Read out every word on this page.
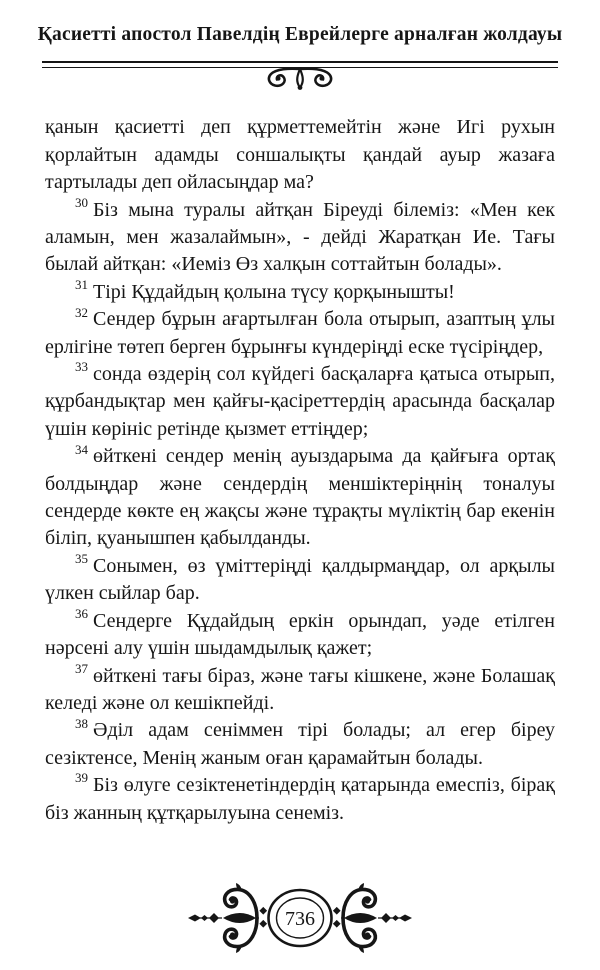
Қасиетті апостол Павелдің Еврейлерге арналған жолдауы

қанын қасиетті деп құрметтемейтін және Игі рухын қорлайтын адамды соншалықты қандай ауыр жазаға тартылады деп ойласыңдар ма?

$^{30}$ Біз мына туралы айтқан Біреуді білеміз: «Мен кек аламын, мен жазалаймын», - дейді Жаратқан Ие. Тағы былай айтқан: «Иеміз Өз халқын соттайтын болады».

$^{31}$ Тірі Құдайдың қолына түсу қорқынышты!

$^{32}$ Сендер бұрын ағартылған бола отырып, азаптың ұлы ерлігіне төтеп берген бұрынғы күндеріңді еске түсіріңдер,

$^{33}$ сонда өздерің сол күйдегі басқаларға қатыса отырып, құрбандықтар мен қайғы-қасіреттердің арасында басқалар үшін көрініс ретінде қызмет еттіңдер;

$^{34}$ өйткені сендер менің ауыздарыма да қайғыға ортақ болдыңдар және сендердің меншіктеріңнің тоналуы сендерде көкте ең жақсы және тұрақты мүліктің бар екенін біліп, қуанышпен қабылданды.

$^{35}$ Сонымен, өз үміттеріңді қалдырмаңдар, ол арқылы үлкен сыйлар бар.

$^{36}$ Сендерге Құдайдың еркін орындап, уәде етілген нәрсені алу үшін шыдамдылық қажет;

$^{37}$ өйткені тағы біраз, және тағы кішкене, және Болашақ келеді және ол кешікпейді.

$^{38}$ Әділ адам сеніммен тірі болады; ал егер біреу сезіктенсе, Менің жаным оған қарамайтын болады.

$^{39}$ Біз өлуге сезіктенетіндердің қатарында емеспіз, бірақ біз жанның құтқарылуына сенеміз.

736
